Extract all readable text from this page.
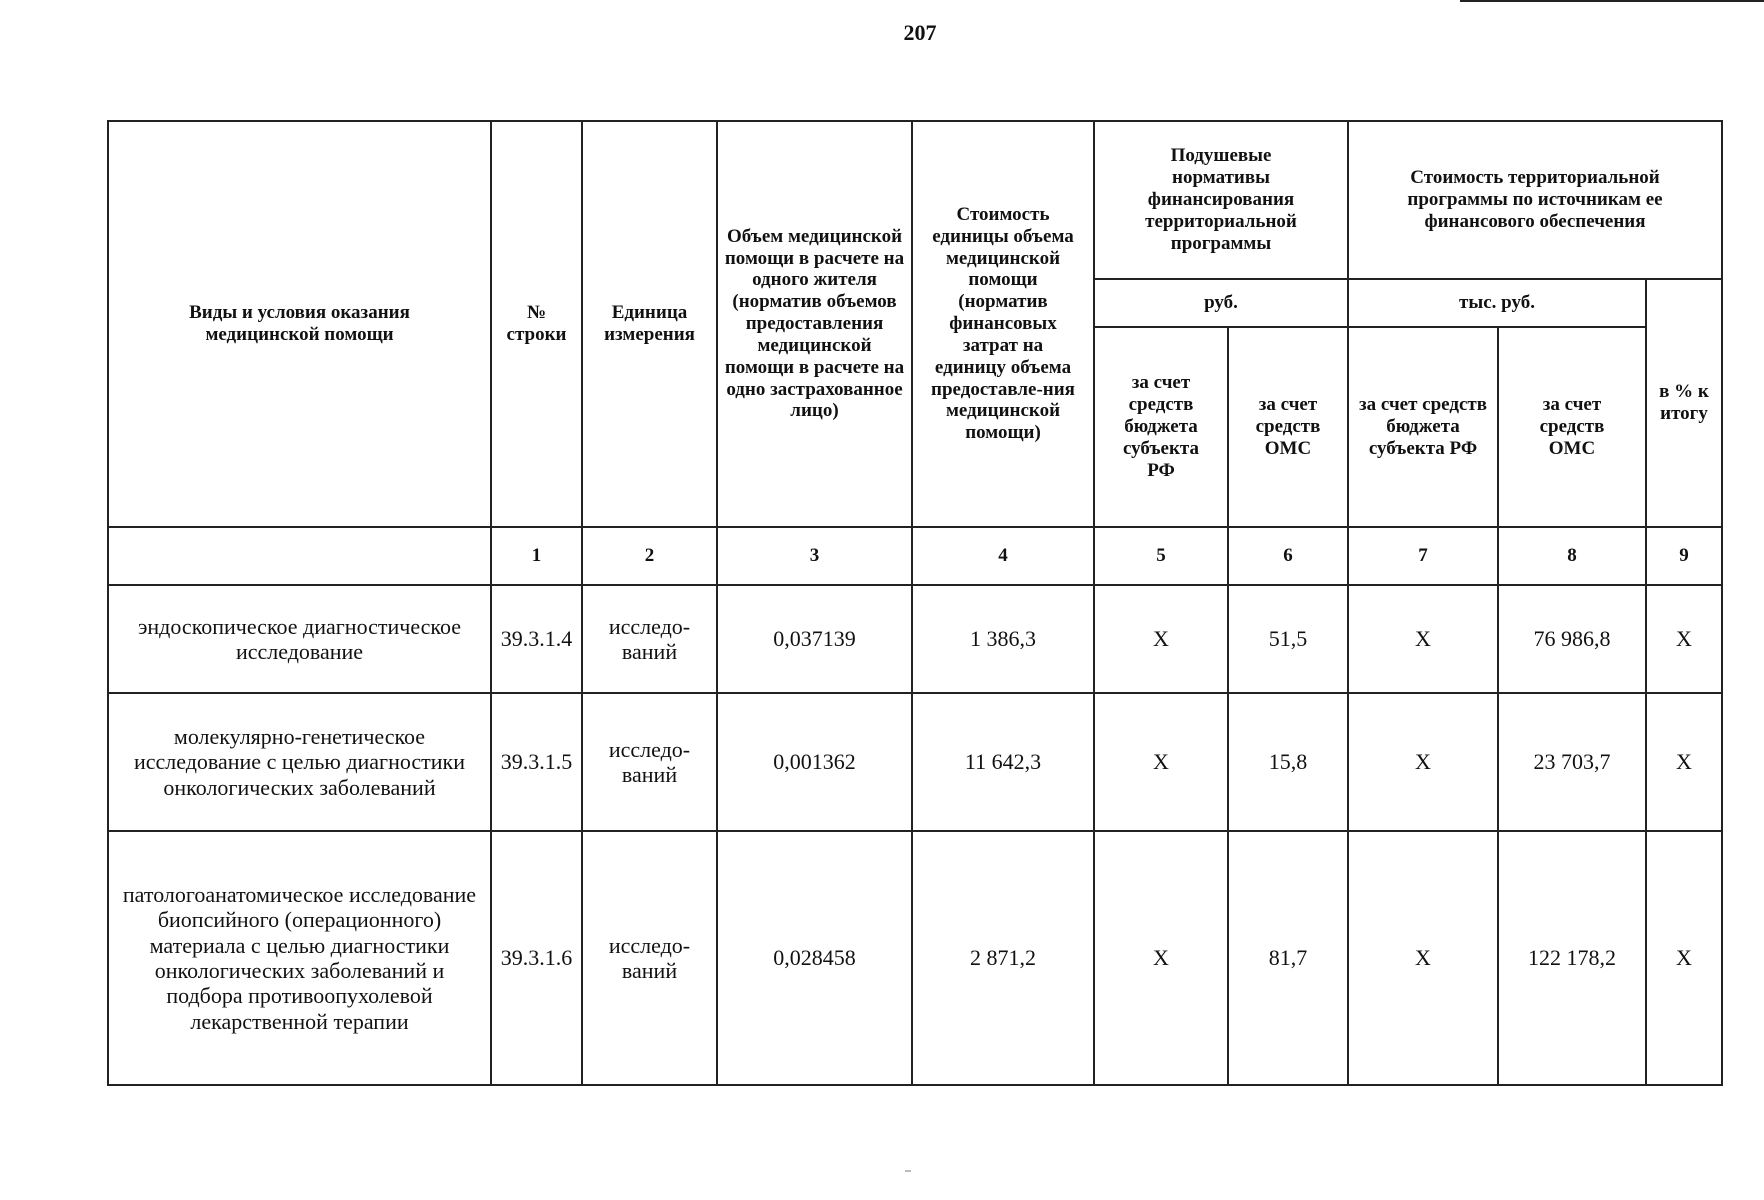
207
Виды и условия оказания медицинской помощи	№ строки	Единица измерения	Объем медицинской помощи в расчете на одного жителя (норматив объемов предоставления медицинской помощи в расчете на одно застрахованное лицо)	Стоимость единицы объема медицинской помощи (норматив финансовых затрат на единицу объема предоставле-ния медицинской помощи)	Подушевые нормативы финансирования территориальной программы		Стоимость территориальной программы по источникам ее финансового обеспечения		
					руб.		тыс. руб.		в % к итогу
					за счет средств бюджета субъекта РФ	за счет средств ОМС	за счет средств бюджета субъекта РФ	за счет средств ОМС	
	1	2	3	4	5	6	7	8	9
эндоскопическое диагностическое исследование	39.3.1.4	исследо-ваний	0,037139	1 386,3	X	51,5	X	76 986,8	X
молекулярно-генетическое исследование с целью диагностики онкологических заболеваний	39.3.1.5	исследо-ваний	0,001362	11 642,3	X	15,8	X	23 703,7	X
патологоанатомическое исследование биопсийного (операционного) материала с целью диагностики онкологических заболеваний и подбора противоопухолевой лекарственной терапии	39.3.1.6	исследо-ваний	0,028458	2 871,2	X	81,7	X	122 178,2	X
